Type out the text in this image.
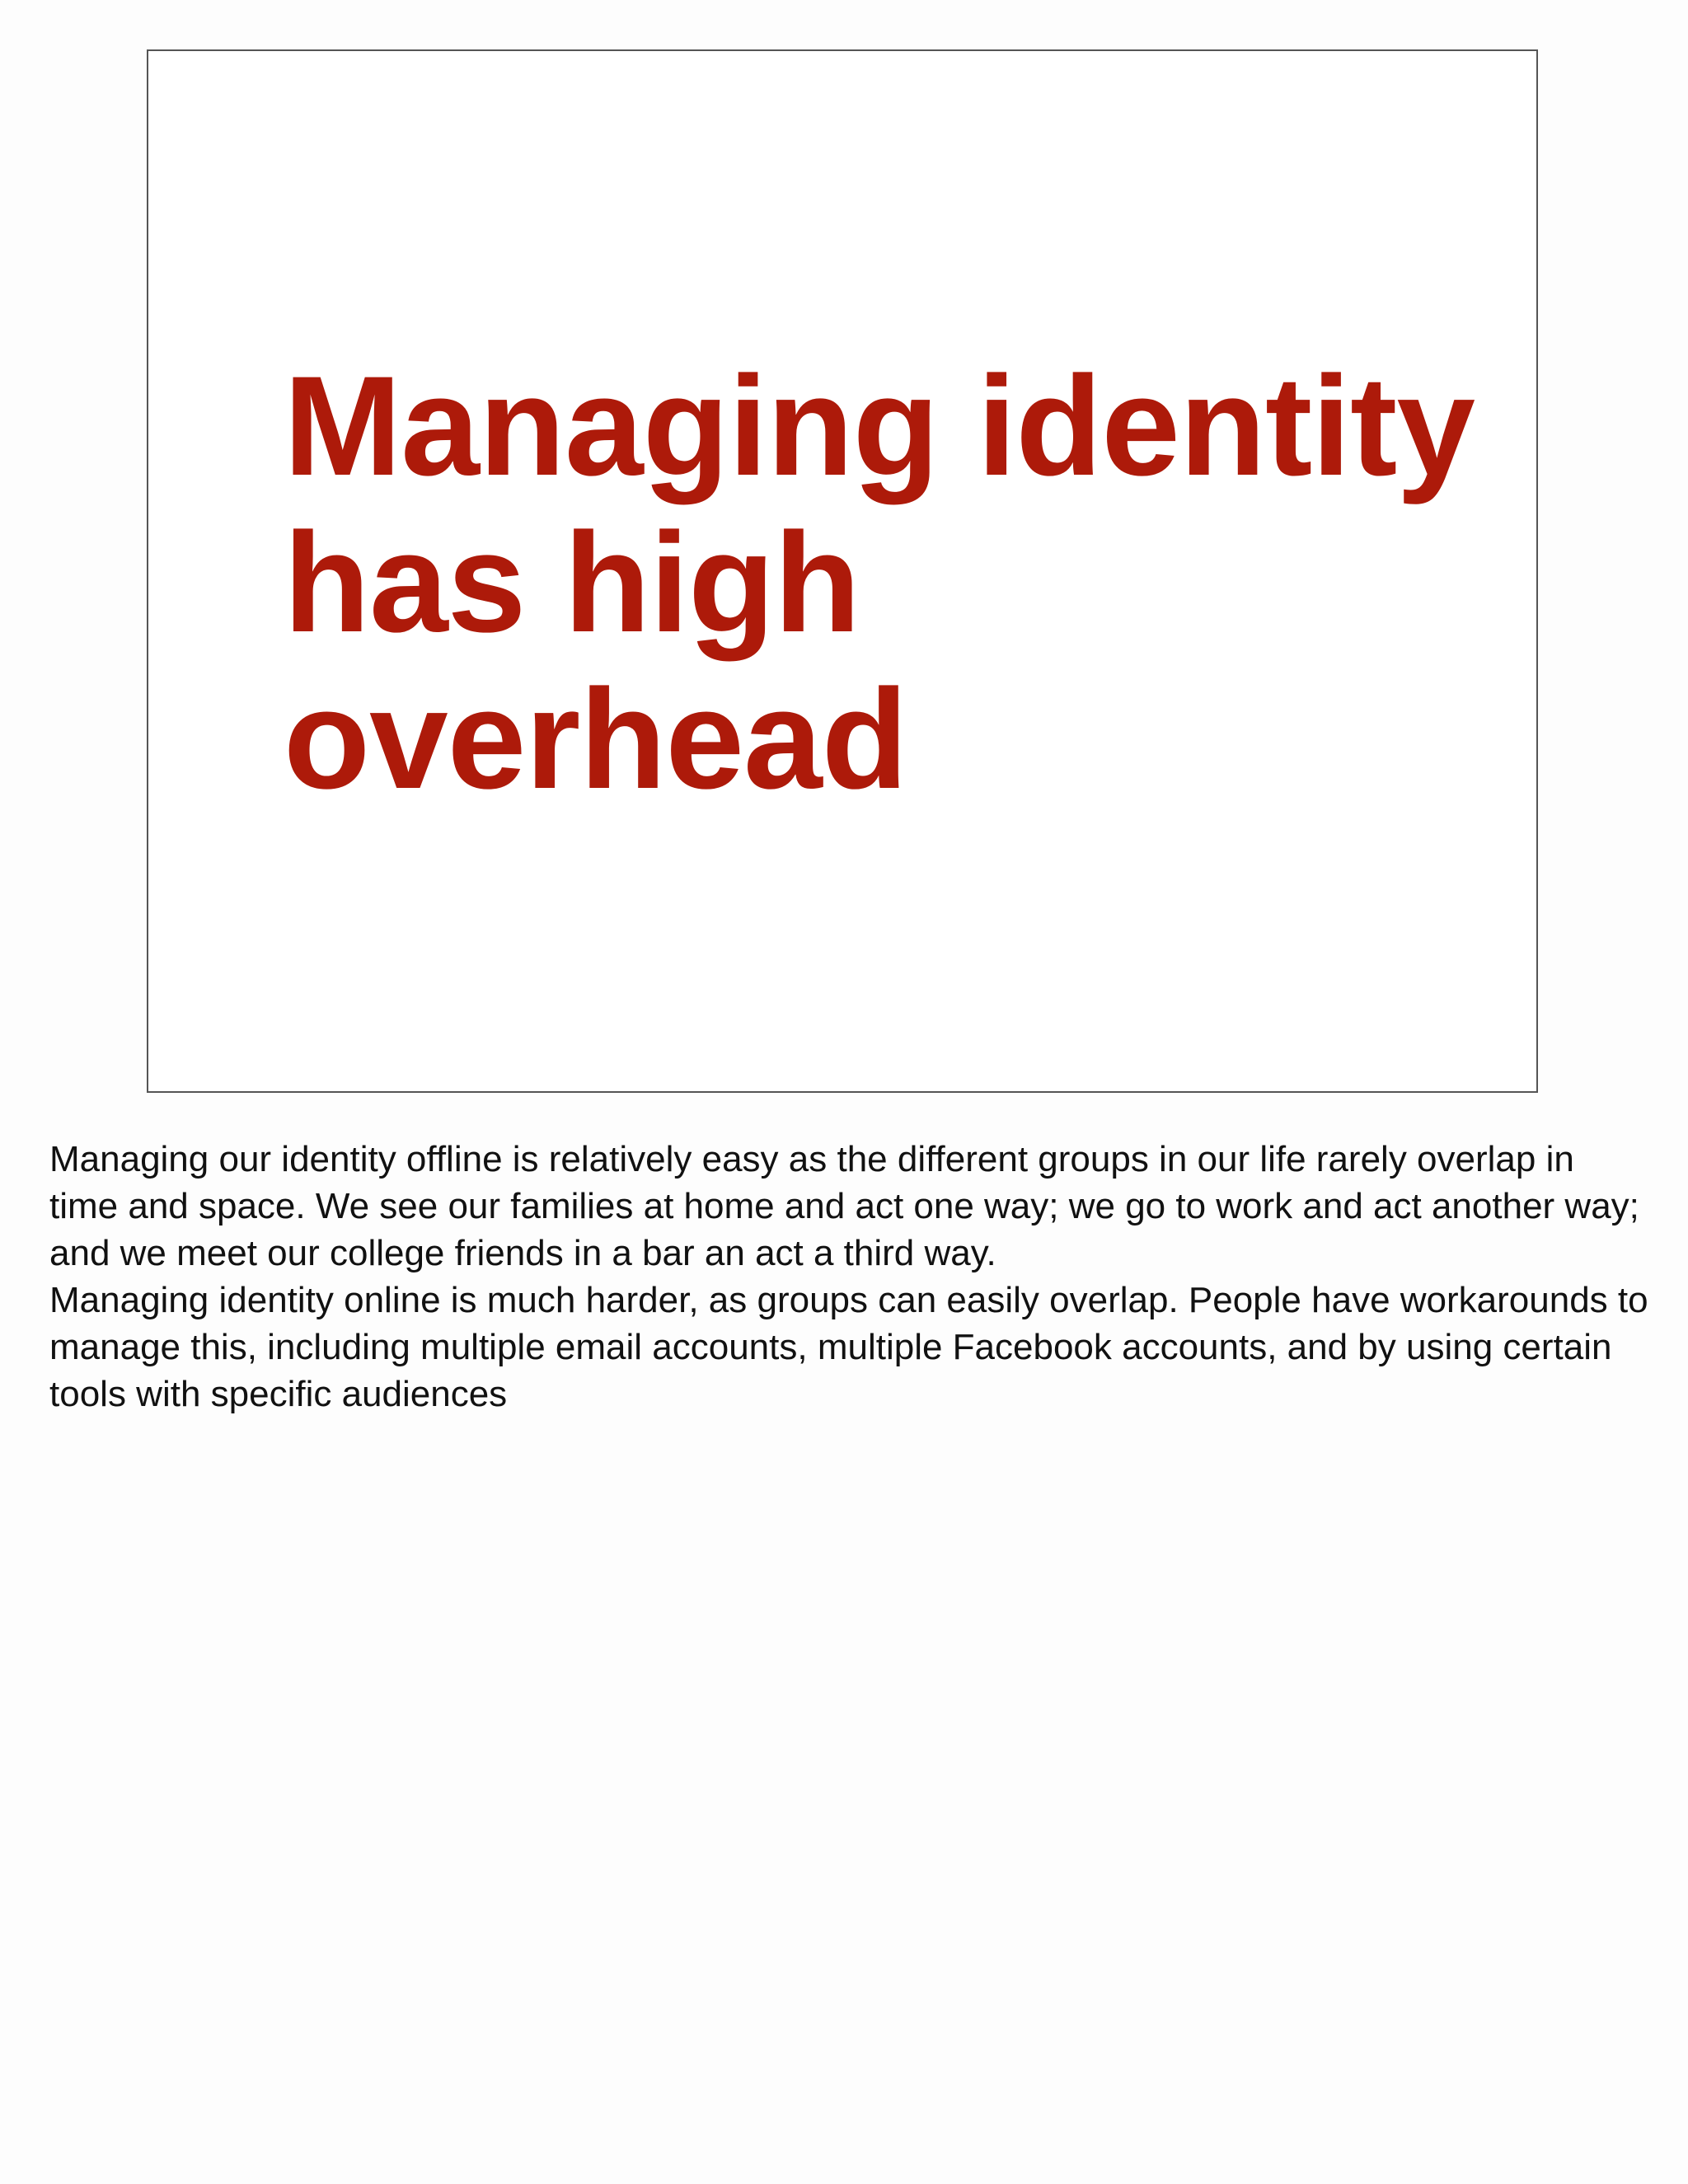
Managing identity
has high
overhead

Managing our identity offline is relatively easy as the different groups in our life rarely overlap in time and space. We see our families at home and act one way; we go to work and act another way; and we meet our college friends in a bar an act a third way.

Managing identity online is much harder, as groups can easily overlap. People have workarounds to manage this, including multiple email accounts, multiple Facebook accounts, and by using certain tools with specific audiences
